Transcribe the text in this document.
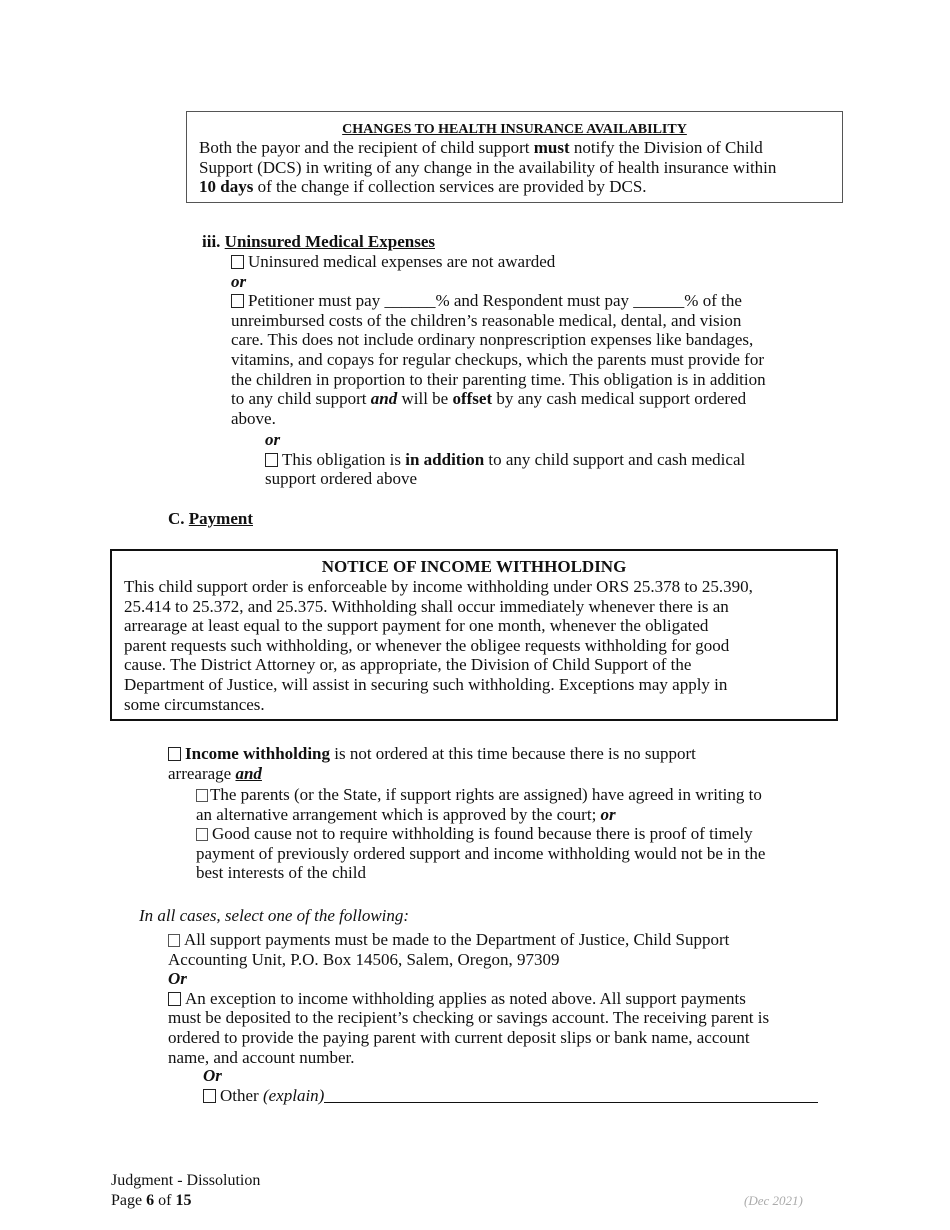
CHANGES TO HEALTH INSURANCE AVAILABILITY
Both the payor and the recipient of child support must notify the Division of Child
Support (DCS) in writing of any change in the availability of health insurance within
10 days of the change if collection services are provided by DCS.
iii. Uninsured Medical Expenses
Uninsured medical expenses are not awarded
or
Petitioner must pay ______% and Respondent must pay ______% of the
unreimbursed costs of the children’s reasonable medical, dental, and vision
care. This does not include ordinary nonprescription expenses like bandages,
vitamins, and copays for regular checkups, which the parents must provide for
the children in proportion to their parenting time. This obligation is in addition
to any child support and will be offset by any cash medical support ordered
above.
or
This obligation is in addition to any child support and cash medical
support ordered above
C. Payment
NOTICE OF INCOME WITHHOLDING
This child support order is enforceable by income withholding under ORS 25.378 to 25.390,
25.414 to 25.372, and 25.375. Withholding shall occur immediately whenever there is an
arrearage at least equal to the support payment for one month, whenever the obligated
parent requests such withholding, or whenever the obligee requests withholding for good
cause. The District Attorney or, as appropriate, the Division of Child Support of the
Department of Justice, will assist in securing such withholding. Exceptions may apply in
some circumstances.
Income withholding is not ordered at this time because there is no support
arrearage and
The parents (or the State, if support rights are assigned) have agreed in writing to
an alternative arrangement which is approved by the court; or
Good cause not to require withholding is found because there is proof of timely
payment of previously ordered support and income withholding would not be in the
best interests of the child
In all cases, select one of the following:
All support payments must be made to the Department of Justice, Child Support
Accounting Unit, P.O. Box 14506, Salem, Oregon, 97309
Or
An exception to income withholding applies as noted above. All support payments
must be deposited to the recipient’s checking or savings account. The receiving parent is
ordered to provide the paying parent with current deposit slips or bank name, account
name, and account number.
Or
Other (explain)
Judgment - Dissolution
Page 6 of 15	(Dec 2021)
